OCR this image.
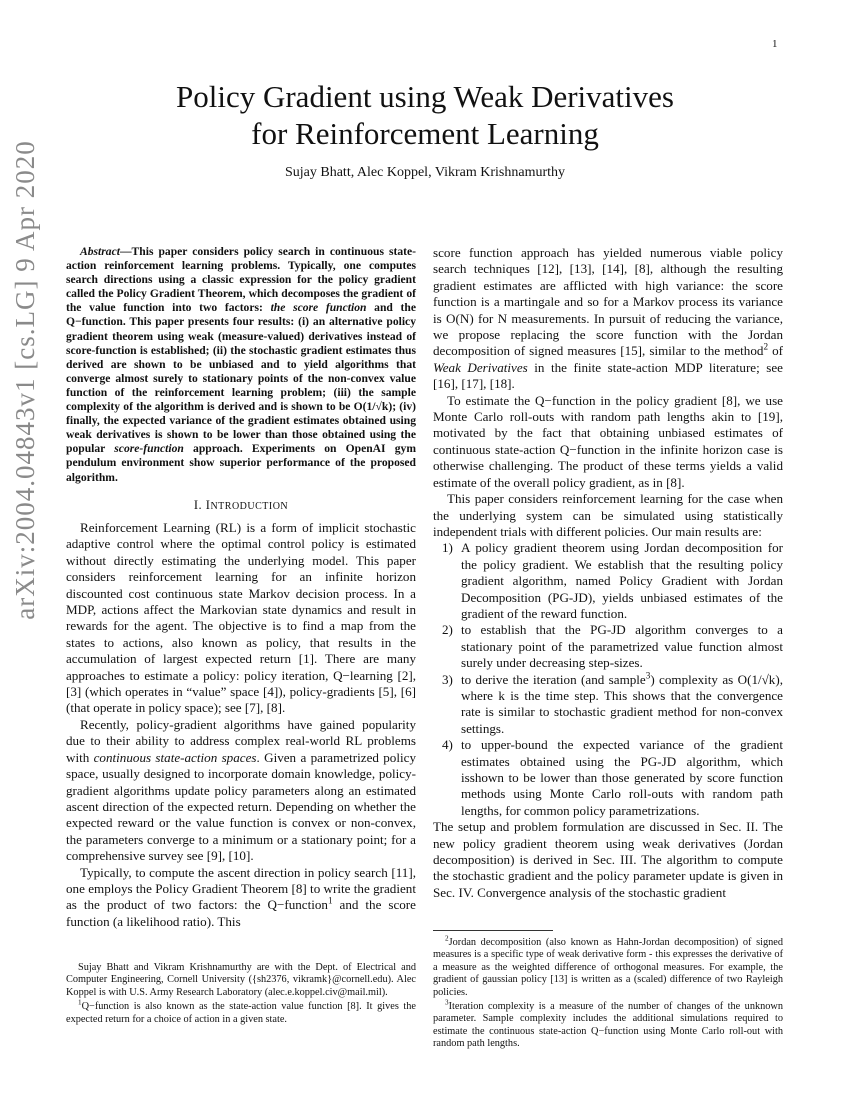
1
arXiv:2004.04843v1 [cs.LG] 9 Apr 2020
Policy Gradient using Weak Derivatives
for Reinforcement Learning
Sujay Bhatt, Alec Koppel, Vikram Krishnamurthy

Abstract—This paper considers policy search in continuous state-action reinforcement learning problems. Typically, one computes search directions using a classic expression for the policy gradient called the Policy Gradient Theorem, which decomposes the gradient of the value function into two factors: the score function and the Q−function. This paper presents four results: (i) an alternative policy gradient theorem using weak (measure-valued) derivatives instead of score-function is established; (ii) the stochastic gradient estimates thus derived are shown to be unbiased and to yield algorithms that converge almost surely to stationary points of the non-convex value function of the reinforcement learning problem; (iii) the sample complexity of the algorithm is derived and is shown to be O(1/√k); (iv) finally, the expected variance of the gradient estimates obtained using weak derivatives is shown to be lower than those obtained using the popular score-function approach. Experiments on OpenAI gym pendulum environment show superior performance of the proposed algorithm.

I. INTRODUCTION

Reinforcement Learning (RL) is a form of implicit stochastic adaptive control where the optimal control policy is estimated without directly estimating the underlying model. This paper considers reinforcement learning for an infinite horizon discounted cost continuous state Markov decision process. In a MDP, actions affect the Markovian state dynamics and result in rewards for the agent. The objective is to find a map from the states to actions, also known as policy, that results in the accumulation of largest expected return [1]. There are many approaches to estimate a policy: policy iteration, Q−learning [2], [3] (which operates in “value” space [4]), policy-gradients [5], [6] (that operate in policy space); see [7], [8].

Recently, policy-gradient algorithms have gained popularity due to their ability to address complex real-world RL problems with continuous state-action spaces. Given a parametrized policy space, usually designed to incorporate domain knowledge, policy-gradient algorithms update policy parameters along an estimated ascent direction of the expected return. Depending on whether the expected reward or the value function is convex or non-convex, the parameters converge to a minimum or a stationary point; for a comprehensive survey see [9], [10].

Typically, to compute the ascent direction in policy search [11], one employs the Policy Gradient Theorem [8] to write the gradient as the product of two factors: the Q−function$^1$ and the score function (a likelihood ratio). This

Sujay Bhatt and Vikram Krishnamurthy are with the Dept. of Electrical and Computer Engineering, Cornell University ({sh2376, vikramk}@cornell.edu). Alec Koppel is with U.S. Army Research Laboratory (alec.e.koppel.civ@mail.mil).

$^1$Q−function is also known as the state-action value function [8]. It gives the expected return for a choice of action in a given state.

score function approach has yielded numerous viable policy search techniques [12], [13], [14], [8], although the resulting gradient estimates are afflicted with high variance: the score function is a martingale and so for a Markov process its variance is O(N) for N measurements. In pursuit of reducing the variance, we propose replacing the score function with the Jordan decomposition of signed measures [15], similar to the method$^2$ of Weak Derivatives in the finite state-action MDP literature; see [16], [17], [18].

To estimate the Q−function in the policy gradient [8], we use Monte Carlo roll-outs with random path lengths akin to [19], motivated by the fact that obtaining unbiased estimates of continuous state-action Q−function in the infinite horizon case is otherwise challenging. The product of these terms yields a valid estimate of the overall policy gradient, as in [8].

This paper considers reinforcement learning for the case when the underlying system can be simulated using statistically independent trials with different policies. Our main results are:

1) A policy gradient theorem using Jordan decomposition for the policy gradient. We establish that the resulting policy gradient algorithm, named Policy Gradient with Jordan Decomposition (PG-JD), yields unbiased estimates of the gradient of the reward function.
2) to establish that the PG-JD algorithm converges to a stationary point of the parametrized value function almost surely under decreasing step-sizes.
3) to derive the iteration (and sample$^3$) complexity as O(1/√k), where k is the time step. This shows that the convergence rate is similar to stochastic gradient method for non-convex settings.
4) to upper-bound the expected variance of the gradient estimates obtained using the PG-JD algorithm, which isshown to be lower than those generated by score function methods using Monte Carlo roll-outs with random path lengths, for common policy parametrizations.

The setup and problem formulation are discussed in Sec. II. The new policy gradient theorem using weak derivatives (Jordan decomposition) is derived in Sec. III. The algorithm to compute the stochastic gradient and the policy parameter update is given in Sec. IV. Convergence analysis of the stochastic gradient

$^2$Jordan decomposition (also known as Hahn-Jordan decomposition) of signed measures is a specific type of weak derivative form - this expresses the derivative of a measure as the weighted difference of orthogonal measures. For example, the gradient of gaussian policy [13] is written as a (scaled) difference of two Rayleigh policies.

$^3$Iteration complexity is a measure of the number of changes of the unknown parameter. Sample complexity includes the additional simulations required to estimate the continuous state-action Q−function using Monte Carlo roll-out with random path lengths.
